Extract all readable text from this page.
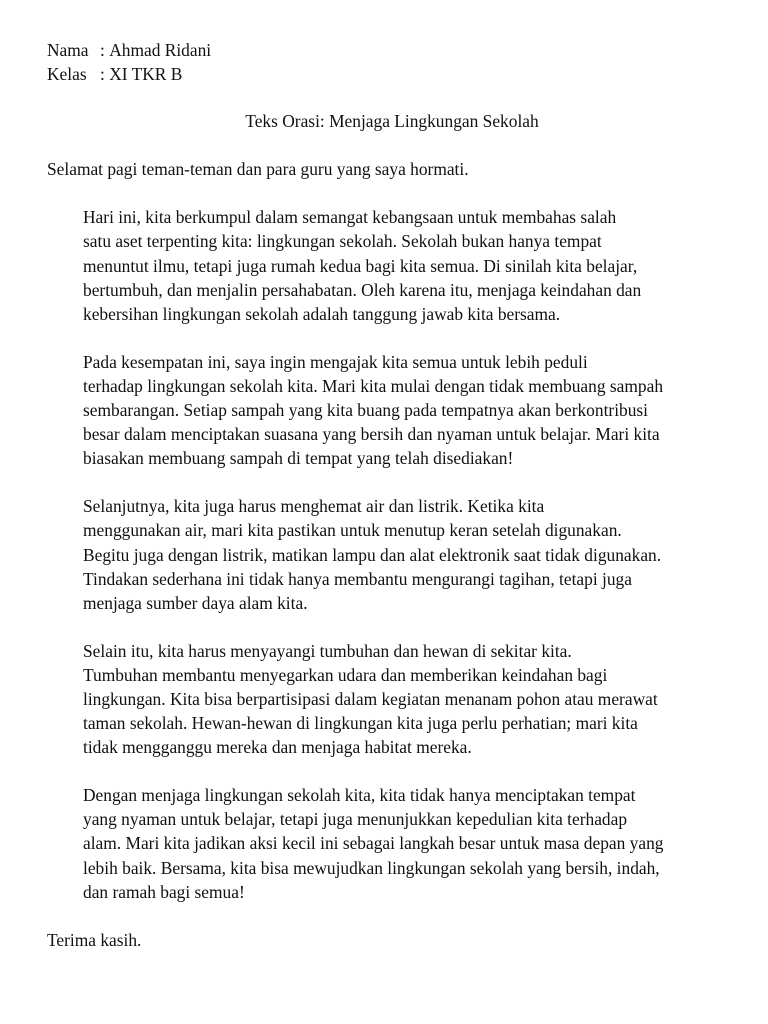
Nama : Ahmad Ridani
Kelas : XI TKR B
Teks Orasi: Menjaga Lingkungan Sekolah

Selamat pagi teman-teman dan para guru yang saya hormati.

Hari ini, kita berkumpul dalam semangat kebangsaan untuk membahas salah
satu aset terpenting kita: lingkungan sekolah. Sekolah bukan hanya tempat
menuntut ilmu, tetapi juga rumah kedua bagi kita semua. Di sinilah kita belajar,
bertumbuh, dan menjalin persahabatan. Oleh karena itu, menjaga keindahan dan
kebersihan lingkungan sekolah adalah tanggung jawab kita bersama.

Pada kesempatan ini, saya ingin mengajak kita semua untuk lebih peduli
terhadap lingkungan sekolah kita. Mari kita mulai dengan tidak membuang sampah
sembarangan. Setiap sampah yang kita buang pada tempatnya akan berkontribusi
besar dalam menciptakan suasana yang bersih dan nyaman untuk belajar. Mari kita
biasakan membuang sampah di tempat yang telah disediakan!

Selanjutnya, kita juga harus menghemat air dan listrik. Ketika kita
menggunakan air, mari kita pastikan untuk menutup keran setelah digunakan.
Begitu juga dengan listrik, matikan lampu dan alat elektronik saat tidak digunakan.
Tindakan sederhana ini tidak hanya membantu mengurangi tagihan, tetapi juga
menjaga sumber daya alam kita.

Selain itu, kita harus menyayangi tumbuhan dan hewan di sekitar kita.
Tumbuhan membantu menyegarkan udara dan memberikan keindahan bagi
lingkungan. Kita bisa berpartisipasi dalam kegiatan menanam pohon atau merawat
taman sekolah. Hewan-hewan di lingkungan kita juga perlu perhatian; mari kita
tidak mengganggu mereka dan menjaga habitat mereka.

Dengan menjaga lingkungan sekolah kita, kita tidak hanya menciptakan tempat
yang nyaman untuk belajar, tetapi juga menunjukkan kepedulian kita terhadap
alam. Mari kita jadikan aksi kecil ini sebagai langkah besar untuk masa depan yang
lebih baik. Bersama, kita bisa mewujudkan lingkungan sekolah yang bersih, indah,
dan ramah bagi semua!

Terima kasih.
